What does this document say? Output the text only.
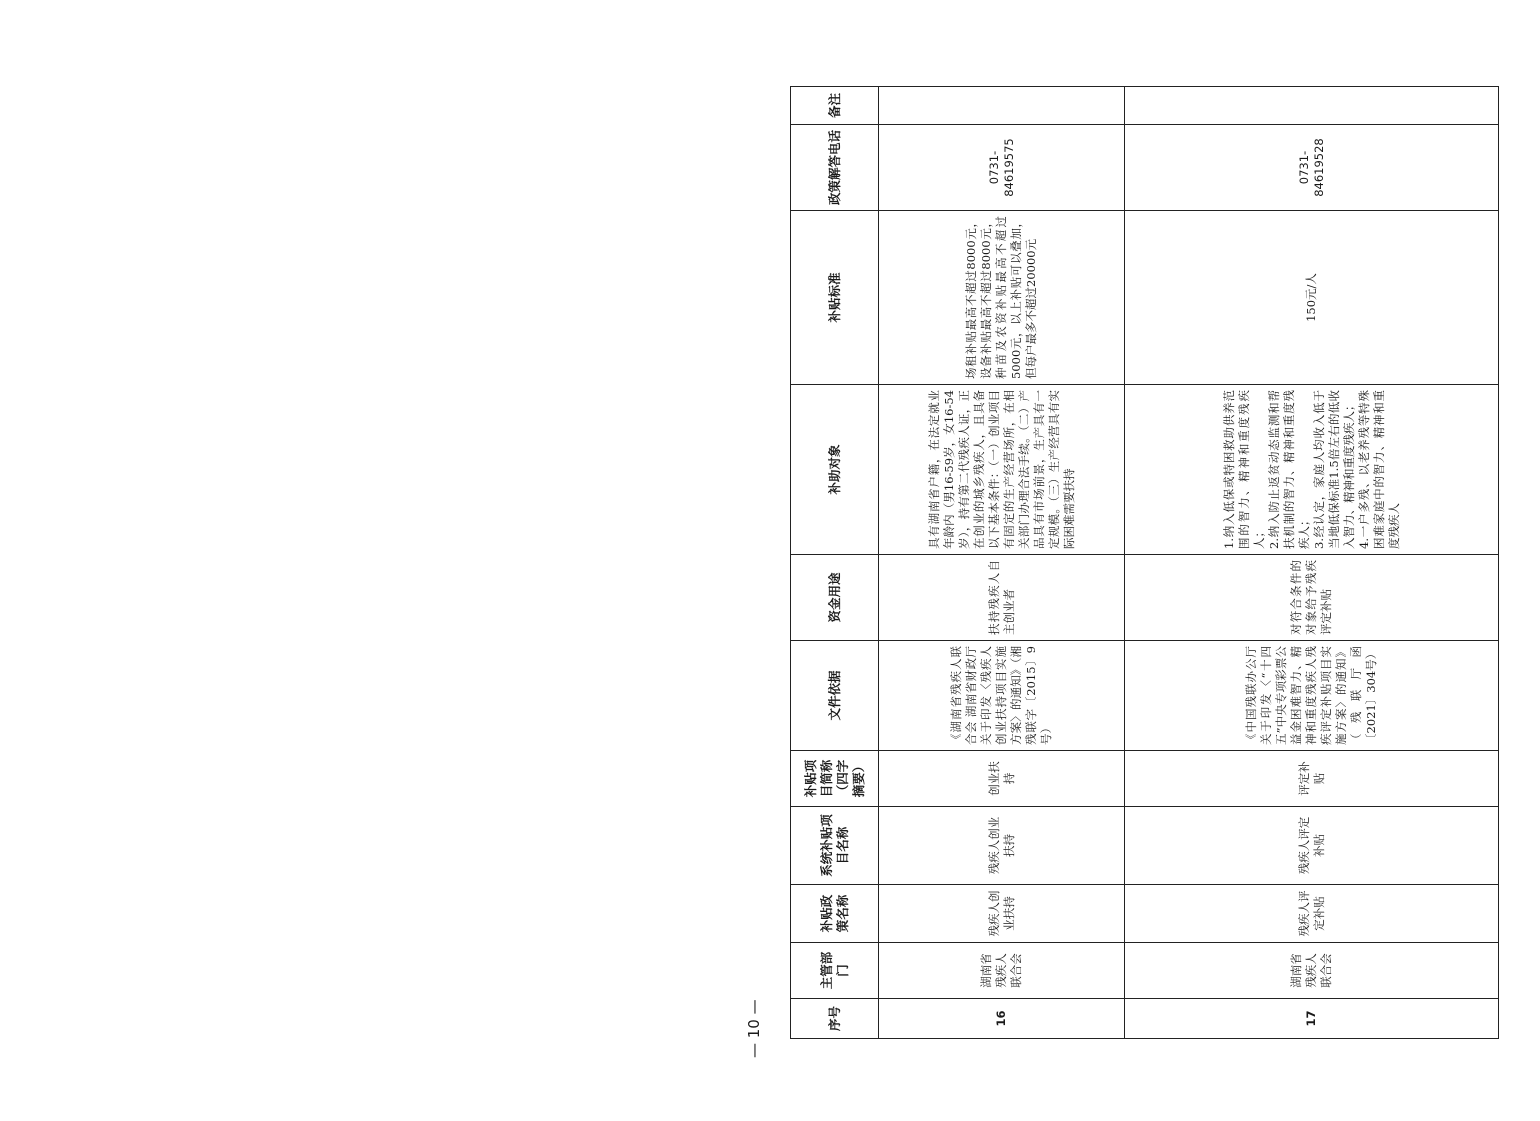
序号	主管部门	补贴政策名称	系统补贴项目名称	补贴项目简称（四字摘要）	文件依据	资金用途	补助对象	补贴标准	政策解答电话	备注
16	湖南省残疾人联合会	残疾人创业扶持	残疾人创业扶持	创业扶持	《湖南省残疾人联合会 湖南省财政厅关于印发〈残疾人创业扶持项目实施方案〉的通知》（湘残联字〔2015〕9号）	扶持残疾人自主创业者	具有湖南省户籍，在法定就业年龄内（男16-59岁，女16-54岁），持有第二代残疾人证，正在创业的城乡残疾人，且具备以下基本条件：（一）创业项目有固定的生产经营场所，在相关部门办理合法手续。（二）产品具有市场前景，生产具有一定规模。（三）生产经营具有实际困难需要扶持	场租补贴最高不超过8000元，设备补贴最高不超过8000元，种苗及农资补贴最高不超过5000元，以上补贴可以叠加，但每户最多不超过20000元	0731-84619575	
17	湖南省残疾人联合会	残疾人评定补贴	残疾人评定补贴	评定补贴	《中国残联办公厅关于印发〈“十四五”中央专项彩票公益金困难智力、精神和重度残疾人残疾评定补贴项目实施方案〉的通知》（残联厅函〔2021〕304号）	对符合条件的对象给予残疾评定补贴	1.纳入低保或特困救助供养范围的智力、精神和重度残疾人； 2.纳入防止返贫动态监测和帮扶机制的智力、精神和重度残疾人； 3.经认定，家庭人均收入低于当地低保标准1.5倍左右的低收入智力、精神和重度残疾人； 4.一户多残、以老养残等特殊困难家庭中的智力、精神和重度残疾人	150元/人	0731-84619528	
— 10 —
